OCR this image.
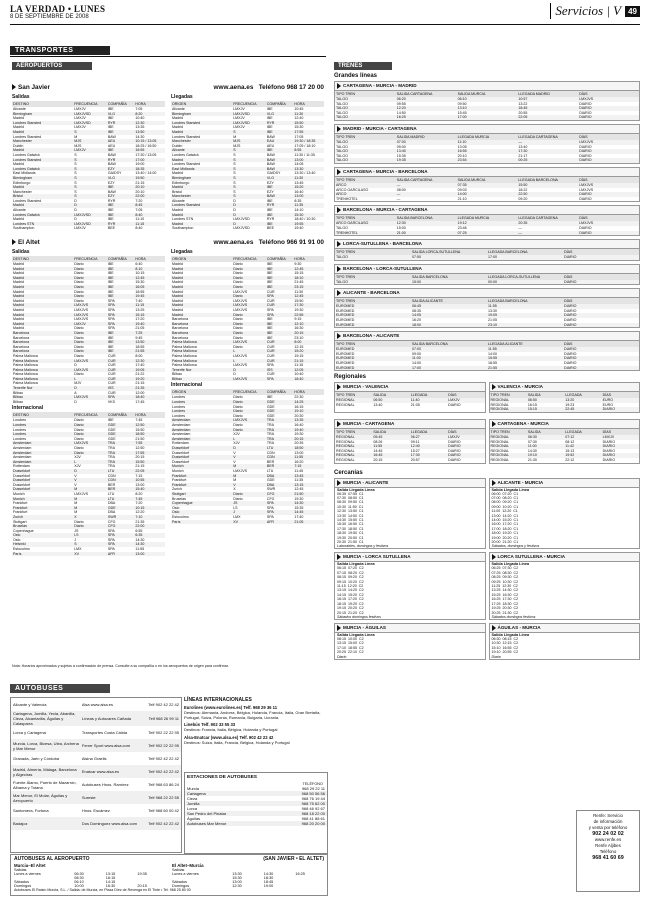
LA VERDAD • LUNES
8 DE SEPTIEMBRE DE 2008	Servicios | V 49
TRANSPORTES
AEROPUERTOS
San Javier	www.aena.es Teléfono 968 17 20 00
Salidas
DESTINO	FRECUENCIA	COMPAÑÍA	HORA
Alicante	LMXJV	IBE	7:05
Birmingham	LMXJVSD	VLG	8:20
Madrid	LMXJV	IBE	10:40
Londres Stansted	LMXJVSD	RYR	12:30
Madrid	LMXJV	IBE	13:35
Madrid	S	IBE	13:50
Londres Stansted	M	BAW	14:30
Manchester	MJS	AEU	10:15 / 13:05
Dublín	MJS	AEU	18:25 / 16:50
Madrid	LMXJV	IBE	16:55
Londres Gatwick	S	BAW	17:30 / 13:05
Londres Stansted	S	RYR	17:00
Madrid	S	BAW	19:00
Londres Gatwick	S	EZY	18:35
East Midlands	S	GAIDSY	13:40 / 14:00
Birmingham	S	VLG	19:50
Edimburgo	S	EZY	21:15
Madrid	S	IBE	20:10
Manchester	S	BAW	20:10
Bristol	S	EZY	22:00
Londres Stansted	D	RYR	7:20
Madrid	D	IBE	8:45
Alicante	D	IBE	7:05
Londres Gatwick	LMXJVSD	IBE	8:40
Madrid	D	IBE	11:10
Londres STN	LMXJVSD	RYR	11:15
Southampton	LMXJV	BEE	8:40
Llegadas
ORIGEN	FRECUENCIA	COMPAÑÍA	HORA
Alicante	LMXJV	IBE	10:45
Birmingham	LMXJVSD	VLG	11:30
Madrid	LMXJV	IBE	12:40
Londres Stansted	LMXJVSD	RYR	15:50
Madrid	LMXJV	IBE	15:30
Madrid	S	IBE	17:55
Londres Stansted	M	BAW	17:05
Manchester	MJS	EAU	19:30 / 18:35
Dublín	MJS	AEU	17:05 / 18:10
Alicante	S	IBE	8:55
Londres Gatwick	S	BAW	11:30 / 11:35
Madrid	S	BAW	13:00
Londres Stansted	S	BAW	14:05
East Midlands	S	BAW	13:30
Madrid	S	GAIDSY	13:30 / 13:40
Birmingham	S	VLG	11:30
Edimburgo	S	EZY	13:45
Madrid	S	IBE	15:20
Bristol	S	EZY	16:40
Manchester	S	BAW	13:00
Alicante	D	IBE	8:35
Londres Stansted	D	RYR	11:35
Madrid	D	IBE	14:10
Madrid	D	IBE	15:30
Londres STN	LMXJVSD	RYR	18:40 / 10:30
Madrid	D	IBE	19:55
Southampton	LMXJVSD	BEE	19:40
El Altet	www.aena.es Teléfono 966 91 91 00
Salidas
DESTINO	FRECUENCIA	COMPAÑÍA	HORA
Madrid	Diario	IBE	6:40
Madrid	Diario	IBE	8:10
Madrid	Diario	IBE	10:15
Madrid	Diario	IBE	12:45
Madrid	Diario	IBE	15:30
Madrid	Diario	IBE	16:05
Madrid	Diario	IBE	18:55
Madrid	Diario	IBE	19:45
Madrid	Diario	SPA	7:40
Madrid	LMXJVS	SPA	11:15
Madrid	LMXJVS	SPA	13:25
Madrid	LMXJVS	SPA	15:15
Madrid	LMXJVS	SPA	17:20
Madrid	LMXJV	SPA	19:40
Madrid	Diario	SPA	21:05
Barcelona	Diario	IBE	7:25
Barcelona	Diario	IBE	9:45
Barcelona	Diario	IBE	13:50
Barcelona	Diario	IBE	18:55
Barcelona	Diario	IBE	21:55
Palma Mallorca	Diario	CUR	8:00
Palma Mallorca	LMXJVS	CUR	12:30
Palma Mallorca	D	CUR	17:40
Palma Mallorca	LMXJVS	CUR	19:05
Palma Mallorca	Diario	CUR	21:22
Palma Mallorca	L	CUR	19:20
Palma Mallorca	MJV	CUR	21:15
Tenerife Nor	D	ISS	21:35
Bilbao	A	CUR	12:00
Bilbao	LMXJVS	SPA	18:40
Bilbao	D	VKS	17:45
Internacional
DESTINO	FRECUENCIA	COMPAÑÍA	HORA
Londres	Diario	IBE	7:45
Londres	Diario	GDE	12:50
Londres	Diario	GDE	15:50
Londres	Diario	GDE	18:50
Londres	Diario	GDE	21:50
Amsterdam	LMXJVS	TRA	7:55
Amsterdam	Diario	TRA	12:50
Amsterdam	Diario	TRA	17:55
Amsterdam	XJV	TRA	20:15
Amsterdam	L	TRA	15:50
Rotterdam	XJV	TRA	21:15
Dusseldorf	D	LTU	22:05
Dusseldorf	V	CDN	7:15
Dusseldorf	V	CDN	10:55
Dusseldorf	V	BER	13:00
Dusseldorf	M	BER	15:40
Munich	LMXJVS	LTU	8:20
Munich	M	LTU	7:45
Frankfurt	M	DBA	7:20
Frankfurt	M	GDE	10:15
Frankfurt	M	DBA	12:20
Zurich	X	SWR	7:10
Stuttgart	Diario	CFG	21:35
Bruselas	Diario	CFG	22:00
Copenhague	JS	SPA	6:55
Oslo	LS	SPA	6:35
Oslo	J	SPA	14:30
Helsinki	S	SPA	14:30
Estocolmo	LMX	SPA	11:55
París	XV	AFR	13:00
Llegadas
ORIGEN	FRECUENCIA	COMPAÑÍA	HORA
Madrid	Diario	IBE	9:30
Madrid	Diario	IBE	12:45
Madrid	Diario	IBE	15:15
Madrid	Diario	IBE	18:10
Madrid	Diario	IBE	21:45
Madrid	Diario	IBE	23:15
Madrid	LMXJVS	CUR	11:30
Madrid	Diario	SPA	12:45
Madrid	LMXJVS	CUR	15:50
Madrid	LMXJVS	CUR	17:30
Madrid	LMXJVS	SPA	19:30
Madrid	Diario	SPA	22:55
Barcelona	Diario	IBE	9:15
Barcelona	Diario	IBE	12:10
Barcelona	Diario	IBE	16:30
Barcelona	Diario	IBE	20:15
Barcelona	Diario	IBE	23:10
Palma Mallorca	LMXJVS	CUR	8:00
Palma Mallorca	Diario	CUR	12:15
Palma Mallorca	L	CUR	15:20
Palma Mallorca	LMXJVS	CUR	19:15
Palma Mallorca	L	CUR	21:15
Palma Mallorca	LMXJVS	SPA	11:15
Tenerife Nor	D	ISS	12:05
Bilbao	D	CUR	10:40
Bilbao	LMXJVS	SPA	18:40
Internacional
ORIGEN	FRECUENCIA	COMPAÑÍA	HORA
Londres	Diario	IBE	22:30
Londres	Diario	GDE	14:25
Londres	Diario	GDE	16:15
Londres	Diario	GDE	19:10
Londres	Diario	GDE	20:30
Amsterdam	LMXJVS	TRA	13:35
Amsterdam	Diario	TRA	16:40
Amsterdam	Diario	TRA	19:40
Amsterdam	XJV	TRA	19:30
Amsterdam	L	TRA	20:15
Rotterdam	XJV	TRA	20:35
Dusseldorf	D	LTU	18:50
Dusseldorf	V	CDN	13:00
Dusseldorf	V	CDN	11:55
Dusseldorf	V	BER	16:20
Munich	M	BER	7:15
Munich	LMXJVS	LTU	11:45
Frankfurt	M	DBA	13:45
Frankfurt	M	GDE	11:35
Frankfurt	V	DBA	13:15
Zurich	X	SWR	12:45
Stuttgart	Diario	CFG	21:50
Bruselas	Diario	CFG	19:30
Copenhague	JS	SPA	14:30
Oslo	LS	SPA	15:35
Oslo	J	SPA	14:45
Estocolmo	LMX	SPA	17:40
París	XV	AFR	21:05
Nota: Horarios aproximados y sujetos a confirmación de prensa. Consulte a su compañía o en los aeropuertos de origen para confirmar.
AUTOBUSES
Alicante y Valencia	Alsa www.alsa.es	Telf 902 42 22 42
Cartagena, Jumilla, Yecla, Abanilla, Cieza, Alcantarilla, Águilas y Calasparra
Líneas y Autocares Cañada	Telf 968 26 99 11
Lorca y Cartagena	Transportes Costa Cálida	Telf 902 22 22 95
Murcia, Lorca, Bicesa, Ulea, Archena y Mar Menor	Ferrer Sport www.alsa.com	Telf 902 22 22 95
Granada, Jaén y Córdoba	Alsina Graells	Telf 902 42 22 42
Madrid, Almería, Málaga, Barcelona y Algeciras	Enatcar www.alsa.es	Telf 902 42 22 42
Fuente Álamo, Puerto de Mazarrón, Alhama y Totana	Autobuses Hnos. Ramírez	Telf 968 63 86 24
Mar Menor, El Molar, Águilas y Aeropuerto	Sureste	Telf 968 22 22 55
Santomera, Fortuna	Hnos. Escámez	Telf 968 60 00 42
Badajoz	Dos Dominguez www.alsa.com	Telf 902 42 22 42
LÍNEAS INTERNACIONALES
Eurolines (www.eurolines.es) Telf. 968 29 36 11
Destinos: Alemania, Andorra, Bélgica, Holanda, Francia, Italia, Gran Bretaña, Portugal, Suiza, Polonia, Rumanía, Bulgaria, Ucrania.
Linebús Telf. 902 33 55 33
Destinos: Francia, Italia, Bélgica, Holanda y Portugal
Alsa-Enatcar (www.alsa.es) Telf. 902 42 22 42
Destinos: Suiza, Italia, Francia, Bélgica, Holanda y Portugal
ESTACIONES DE AUTOBUSES
TELÉFONO
Murcia	968 29 22 11
Cartagena	968 50 56 56
Cieza	968 76 19 44
Jumilla	968 75 62 00
Lorca	968 46 92 67
San Pedro del Pinatar	968 18 22 00
Águilas	968 41 88 61
Autobuses Mar Menor	968 20 20 00
AUTOBUSES AL AEROPUERTO	(SAN JAVIER • EL ALTET)
Murcia–El Altet
Salidas
Lunes a viernes	06:30	13:15	19:35
08:30	16:15
Sábados	06:10	14:15
Domingos	10:00	16:30	20:15
El Altet–Murcia
Salidas
Lunes a viernes	13:30	14:30	16:25
15:30	18:30
Sábados	13:00	18:45
Domingos	12:30	19:00
Autobuses El Raisín Murcia, S.L. / Salida: de Murcia, en Plaza Díez de Revenga en El Tinte • Tel. 968 25 80 00
TRENES
Grandes líneas
CARTAGENA - MURCIA - MADRID
TIPO TREN	SALIDA CARTAGENA	SALIDA MURCIA	LLEGADA MADRID	DÍAS
TALGO	06:20	06:10	10:57	LMXJVS
TALGO	09:55	09:50	13:22	DIARIO
TALGO	12:20	13:10	18:45	DIARIO
TALGO	14:50	15:45	20:55	DIARIO
TALGO	16:25	17:00	22:05	DIARIO
MADRID - MURCIA - CARTAGENA
TIPO TREN	SALIDA MADRID	LLEGADA MURCIA	LLEGADA CARTAGENA	DÍAS
TALGO	07:00	11:10	—	LMXJVS
TALGO	09:00	13:05	13:40	DIARIO
TALGO	13:40	16:55	17:30	DIARIO
TALGO	15:35	20:10	21:17	DIARIO
TALGO	19:35	23:54	00:25	DIARIO
CARTAGENA - MURCIA - BARCELONA
TIPO TREN	SALIDA CARTAGENA	SALIDA MURCIA	LLEGADA BARCELONA	DÍAS
ARCO	—	07:35	15:50	LMXJVS
ARCO GARCILASO	08:00	09:03	18:22	LMXJVS
ARCO	—	14:00	22:50	DIARIO
TRENHOTEL	—	21:10	09:20	DIARIO
BARCELONA - MURCIA - CARTAGENA
TIPO TREN	SALIDA BARCELONA	LLEGADA MURCIA	LLEGADA CARTAGENA	DÍAS
ARCO GARCILASO	12:30	19:12	20:35	LMXJVS
TALGO	15:00	23:46	—	DIARIO
TRENHOTEL	21:00	07:25	—	DIARIO
LORCA-SUTULLENA - BARCELONA
TIPO TREN	SALIDA LORCA-SUTULLENA	LLEGADA BARCELONA	DÍAS
TALGO	07:50	17:00	DIARIO
BARCELONA - LORCA-SUTULLENA
TIPO TREN	SALIDA BARCELONA	LLEGADA LORCA-SUTULLENA	DÍAS
TALGO	15:00	00:00	DIARIO
ALICANTE - BARCELONA
TIPO TREN	SALIDA ALICANTE	LLEGADA BARCELONA	DÍAS
EUROMED	06:45	11:55	DIARIO
EUROMED	08:35	13:30	DIARIO
EUROMED	14:05	19:05	DIARIO
EUROMED	16:20	21:05	DIARIO
EUROMED	18:00	23:10	DIARIO
BARCELONA - ALICANTE
TIPO TREN	SALIDA BARCELONA	LLEGADA ALICANTE	DÍAS
EUROMED	07:00	11:55	DIARIO
EUROMED	09:00	14:00	DIARIO
EUROMED	11:00	15:55	DIARIO
EUROMED	14:00	18:55	DIARIO
EUROMED	17:00	21:55	DIARIO
Regionales
MURCIA - VALENCIA
TIPO TREN	SALIDA	LLEGADA	DÍAS
REGIONAL	06:50	11:40	LMXJV
REGIONAL	13:40	21:05	DIARIO
VALENCIA - MURCIA
TIPO TREN	SALIDA	LLEGADA	DÍAS
REGIONAL	06:50	13:20	EURO
REGIONAL	16:15	19:23	EURO
REGIONAL	15:15	22:45	DIARIO
MURCIA - CARTAGENA
TIPO TREN	SALIDA	LLEGADA	DÍAS
REGIONAL	05:45	06:27	LMXJV
REGIONAL	08:26	09:11	DIARIO
REGIONAL	11:55	12:40	DIARIO
REGIONAL	14:45	15:27	DIARIO
REGIONAL	16:45	17:30	DIARIO
REGIONAL	20:15	20:57	DIARIO
CARTAGENA - MURCIA
TIPO TREN	SALIDA	LLEGADA	DÍAS
REGIONAL	06:30	07:12	LMXJV
REGIONAL	07:30	08:12	DIARIO
REGIONAL	11:00	11:42	DIARIO
REGIONAL	14:30	15:13	DIARIO
REGIONAL	19:10	19:52	DIARIO
REGIONAL	21:30	22:12	DIARIO
Cercanías
MURCIA - ALICANTE
Salida Llegada Línea
06:35  07:55  C1
07:30  08:50  C1
08:30  09:50  C1
10:30  11:50  C1
12:30  13:50  C1
13:30  14:50  C1
14:30  15:50  C1
15:30  16:50  C1
17:30  18:50  C1
18:30  19:50  C1
19:30  20:50  C1
20:30  21:50  C1
Laborables, domingos y festivos
ALICANTE - MURCIA
Salida Llegada Línea
06:00  07:20  C1
07:00  08:20  C1
08:00  09:20  C1
09:00  10:20  C1
11:00  12:20  C1
13:00  14:20  C1
14:00  15:20  C1
16:00  17:20  C1
17:00  18:20  C1
18:00  19:20  C1
19:00  20:20  C1
20:00  21:20  C1
Sábados, domingos y festivos
MURCIA - LORCA SUTULLENA
Salida Llegada Línea
06:15  07:20  C2
07:15  08:20  C2
08:15  09:20  C2
09:15  10:20  C2
11:15  12:20  C2
13:15  14:20  C2
14:15  15:20  C2
16:15  17:20  C2
18:15  19:20  C2
19:15  20:20  C2
20:15  21:20  C2
Sábados domingos festivos
LORCA SUTULLENA - MURCIA
Salida Llegada Línea
06:25  07:30  C2
07:25  08:30  C2
08:25  09:30  C2
09:25  10:30  C2
11:25  12:30  C2
13:25  14:30  C2
15:25  16:30  C2
16:25  17:30  C2
17:25  18:30  C2
19:25  20:30  C2
20:25  21:30  C2
Sábados domingos festivos
MURCIA - ÁGUILAS
Salida Llegada Línea
08:15  10:00  C2
13:15  15:00  C2
17:10  18:55  C2
20:25  22:10  C2
Diario
ÁGUILAS - MURCIA
Salida Llegada Línea
06:30  08:15  C2
10:30  12:15  C2
15:10  16:55  C2
19:10  20:55  C2
Diario
Renfe: Servicio
de información
y venta por teléfono
902 24 02 02
www.renfe.es
Renfe Aljibes
Teléfono
968 41 60 69
